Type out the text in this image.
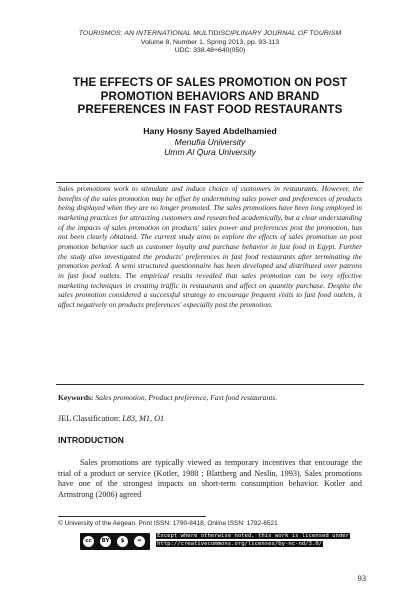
TOURISMOS: AN INTERNATIONAL MULTIDISCIPLINARY JOURNAL OF TOURISM
Volume 8, Number 1, Spring 2013, pp. 93-113
UDC: 338.48+640(050)
THE EFFECTS OF SALES PROMOTION ON POST
PROMOTION BEHAVIORS AND BRAND
PREFERENCES IN FAST FOOD RESTAURANTS
Hany Hosny Sayed Abdelhamied
Menufia University
Umm Al Qura University

Sales promotions work to stimulate and induce choice of customers in restaurants. However, the benefits of the sales promotion may be offset by undermining sales power and preferences of products being displayed when they are no longer promoted. The sales promotions have been long employed in marketing practices for attracting customers and researched academically, but a clear understanding of the impacts of sales promotion on products' sales power and preferences post the promotion, has not been clearly obtained. The current study aims to explore the effects of sales promotion on post promotion behavior such as customer loyalty and purchase behavior in fast food in Egypt. Further the study also investigated the products' preferences in fast food restaurants after terminating the promotion period. A semi structured questionnaire has been developed and distributed over patrons in fast food outlets. The empirical results revealed that sales promotion can be very effective marketing techniques in creating traffic in restaurants and affect on quantity purchase. Despite the sales promotion considered a successful strategy to encourage frequent visits to fast food outlets, it affect negatively on products preferences' especially post the promotion.

Keywords: Sales promotion, Product preference, Fast food restaurants.

JEL Classification: L83, M1, O1

INTRODUCTION

Sales promotions are typically viewed as temporary incentives that encourage the trial of a product or service (Kotler, 1988 ; Blattberg and Neslin, 1993). Sales promotions have one of the strongest impacts on short-term consumption behavior. Kotler and Armstrong (2006) agreed

© University of the Aegean. Print ISSN: 1790-8418, Online ISSN: 1792-6521

cc	BY	$	=
Except where otherwise noted, this work is licensed under
http://creativecommons.org/licenses/by-nc-nd/3.0/
93
